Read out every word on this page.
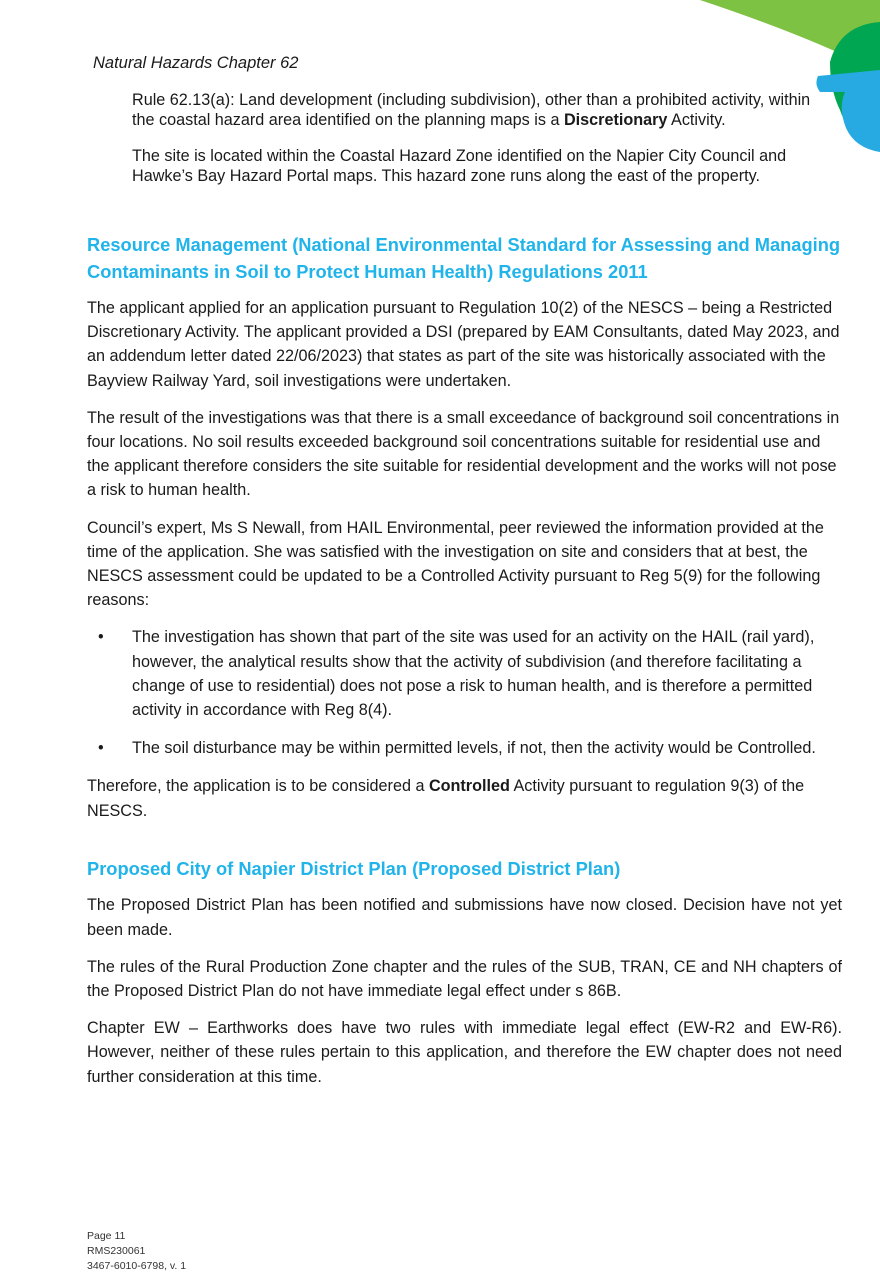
Natural Hazards Chapter 62

Rule 62.13(a): Land development (including subdivision), other than a prohibited activity, within the coastal hazard area identified on the planning maps is a Discretionary Activity.

The site is located within the Coastal Hazard Zone identified on the Napier City Council and Hawke’s Bay Hazard Portal maps. This hazard zone runs along the east of the property.

Resource Management (National Environmental Standard for Assessing and Managing Contaminants in Soil to Protect Human Health) Regulations 2011

The applicant applied for an application pursuant to Regulation 10(2) of the NESCS – being a Restricted Discretionary Activity. The applicant provided a DSI (prepared by EAM Consultants, dated May 2023, and an addendum letter dated 22/06/2023) that states as part of the site was historically associated with the Bayview Railway Yard, soil investigations were undertaken.

The result of the investigations was that there is a small exceedance of background soil concentrations in four locations. No soil results exceeded background soil concentrations suitable for residential use and the applicant therefore considers the site suitable for residential development and the works will not pose a risk to human health.

Council’s expert, Ms S Newall, from HAIL Environmental, peer reviewed the information provided at the time of the application. She was satisfied with the investigation on site and considers that at best, the NESCS assessment could be updated to be a Controlled Activity pursuant to Reg 5(9) for the following reasons:

• The investigation has shown that part of the site was used for an activity on the HAIL (rail yard), however, the analytical results show that the activity of subdivision (and therefore facilitating a change of use to residential) does not pose a risk to human health, and is therefore a permitted activity in accordance with Reg 8(4).
• The soil disturbance may be within permitted levels, if not, then the activity would be Controlled.

Therefore, the application is to be considered a Controlled Activity pursuant to regulation 9(3) of the NESCS.

Proposed City of Napier District Plan (Proposed District Plan)

The Proposed District Plan has been notified and submissions have now closed. Decision have not yet been made.

The rules of the Rural Production Zone chapter and the rules of the SUB, TRAN, CE and NH chapters of the Proposed District Plan do not have immediate legal effect under s 86B.

Chapter EW – Earthworks does have two rules with immediate legal effect (EW-R2 and EW-R6). However, neither of these rules pertain to this application, and therefore the EW chapter does not need further consideration at this time.

Page 11
RMS230061
3467-6010-6798, v. 1
